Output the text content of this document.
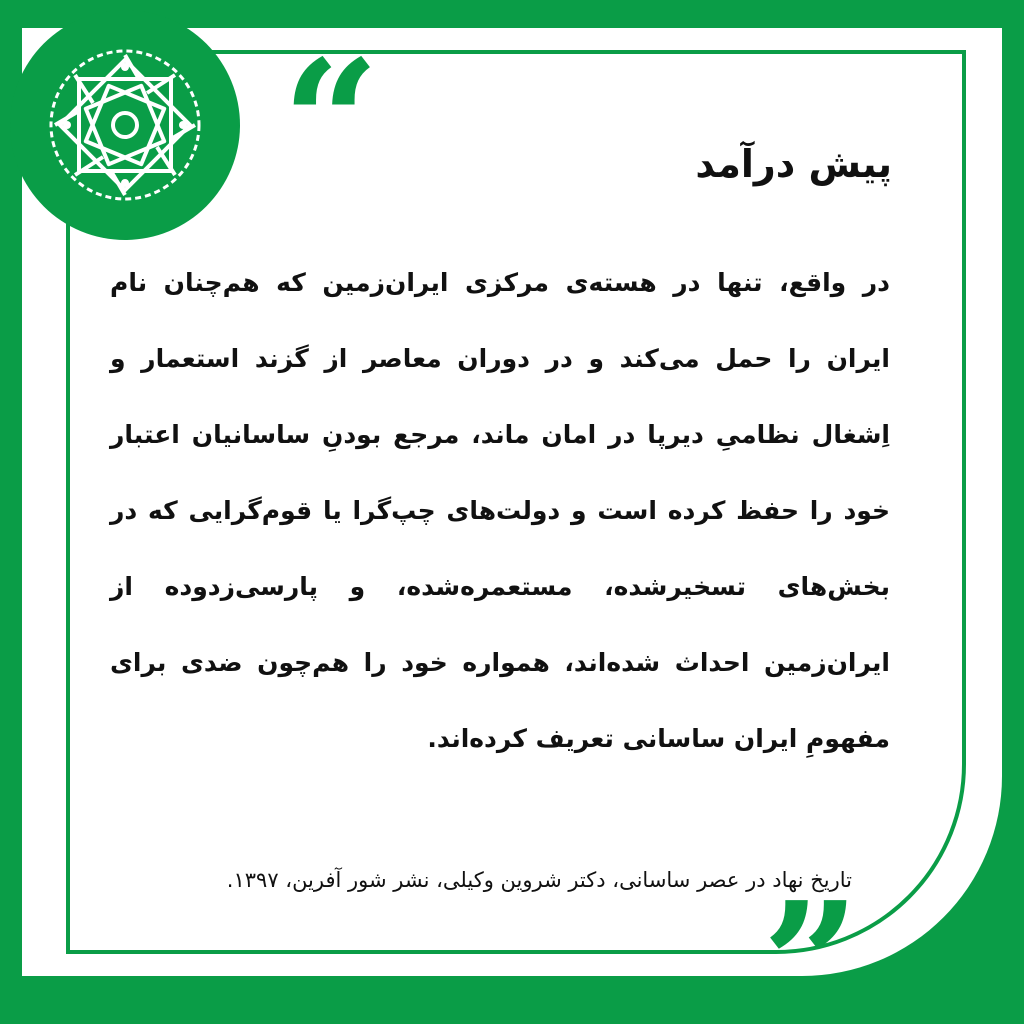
“	پیش درآمد

در واقع، تنها در هسته‌ی مرکزی ایران‌زمین که هم‌چنان نام ایران را حمل می‌کند و در دوران معاصر از گزند استعمار و اِشغال نظامیِ دیرپا در امان ماند، مرجع بودنِ ساسانیان اعتبار خود را حفظ کرده است و دولت‌های چپ‌گرا یا قوم‌گرایی که در بخش‌های تسخیرشده، مستعمره‌شده، و پارسی‌زدوده از ایران‌زمین احداث شده‌اند، همواره خود را هم‌چون ضدی برای مفهومِ ایران ساسانی تعریف کرده‌اند.

تاریخ نهاد در عصر ساسانی، دکتر شروین وکیلی، نشر شور آفرین، ۱۳۹۷.

”
